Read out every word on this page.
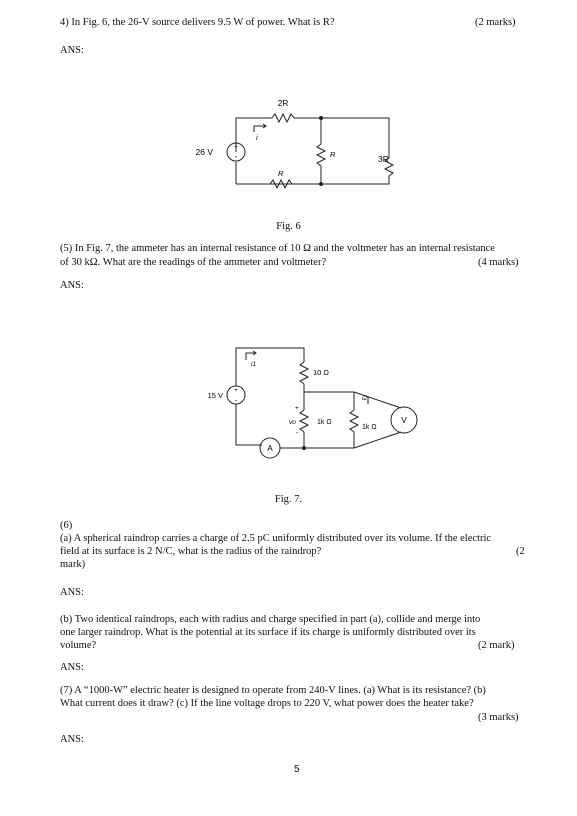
4) In Fig. 6, the 26-V source delivers 9.5 W of power. What is R?	(2 marks)
ANS:
+
-
2R
26 V	R	3R
R
i
Fig. 6
(5) In Fig. 7, the ammeter has an internal resistance of 10 Ω and the voltmeter has an internal resistance
of 30 kΩ. What are the readings of the ammeter and voltmeter?	(4 marks)
ANS:
+
-
15 V
10 Ω
1k Ω
1k Ω
i1
i2
vo
+
-
A
V
Fig. 7.
(6)
(a) A spherical raindrop carries a charge of 2.5 pC uniformly distributed over its volume. If the electric
field at its surface is 2 N/C, what is the radius of the raindrop?	(2
mark)
ANS:
(b) Two identical raindrops, each with radius and charge specified in part (a), collide and merge into
one larger raindrop. What is the potential at its surface if its charge is uniformly distributed over its
volume?	(2 mark)
ANS:
(7) A “1000-W” electric heater is designed to operate from 240-V lines. (a) What is its resistance? (b)
What current does it draw? (c) If the line voltage drops to 220 V, what power does the heater take?
(3 marks)
ANS:
5
